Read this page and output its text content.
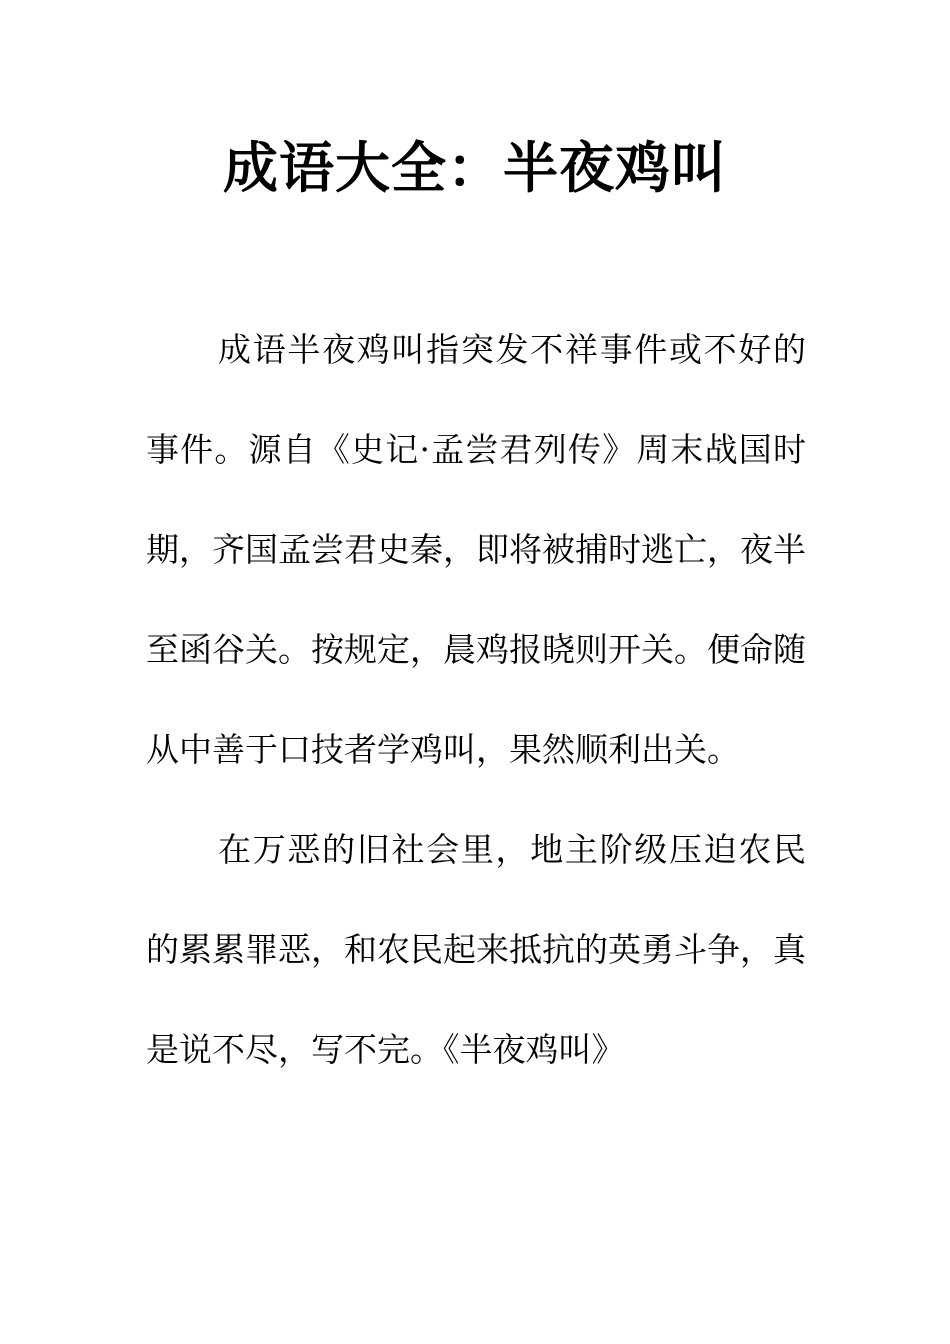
成语大全：半夜鸡叫

成语半夜鸡叫指突发不祥事件或不好的事件。源自《史记·孟尝君列传》周末战国时期，齐国孟尝君史秦，即将被捕时逃亡，夜半至函谷关。按规定，晨鸡报晓则开关。便命随从中善于口技者学鸡叫，果然顺利出关。

在万恶的旧社会里，地主阶级压迫农民的累累罪恶，和农民起来抵抗的英勇斗争，真是说不尽，写不完。《半夜鸡叫》
